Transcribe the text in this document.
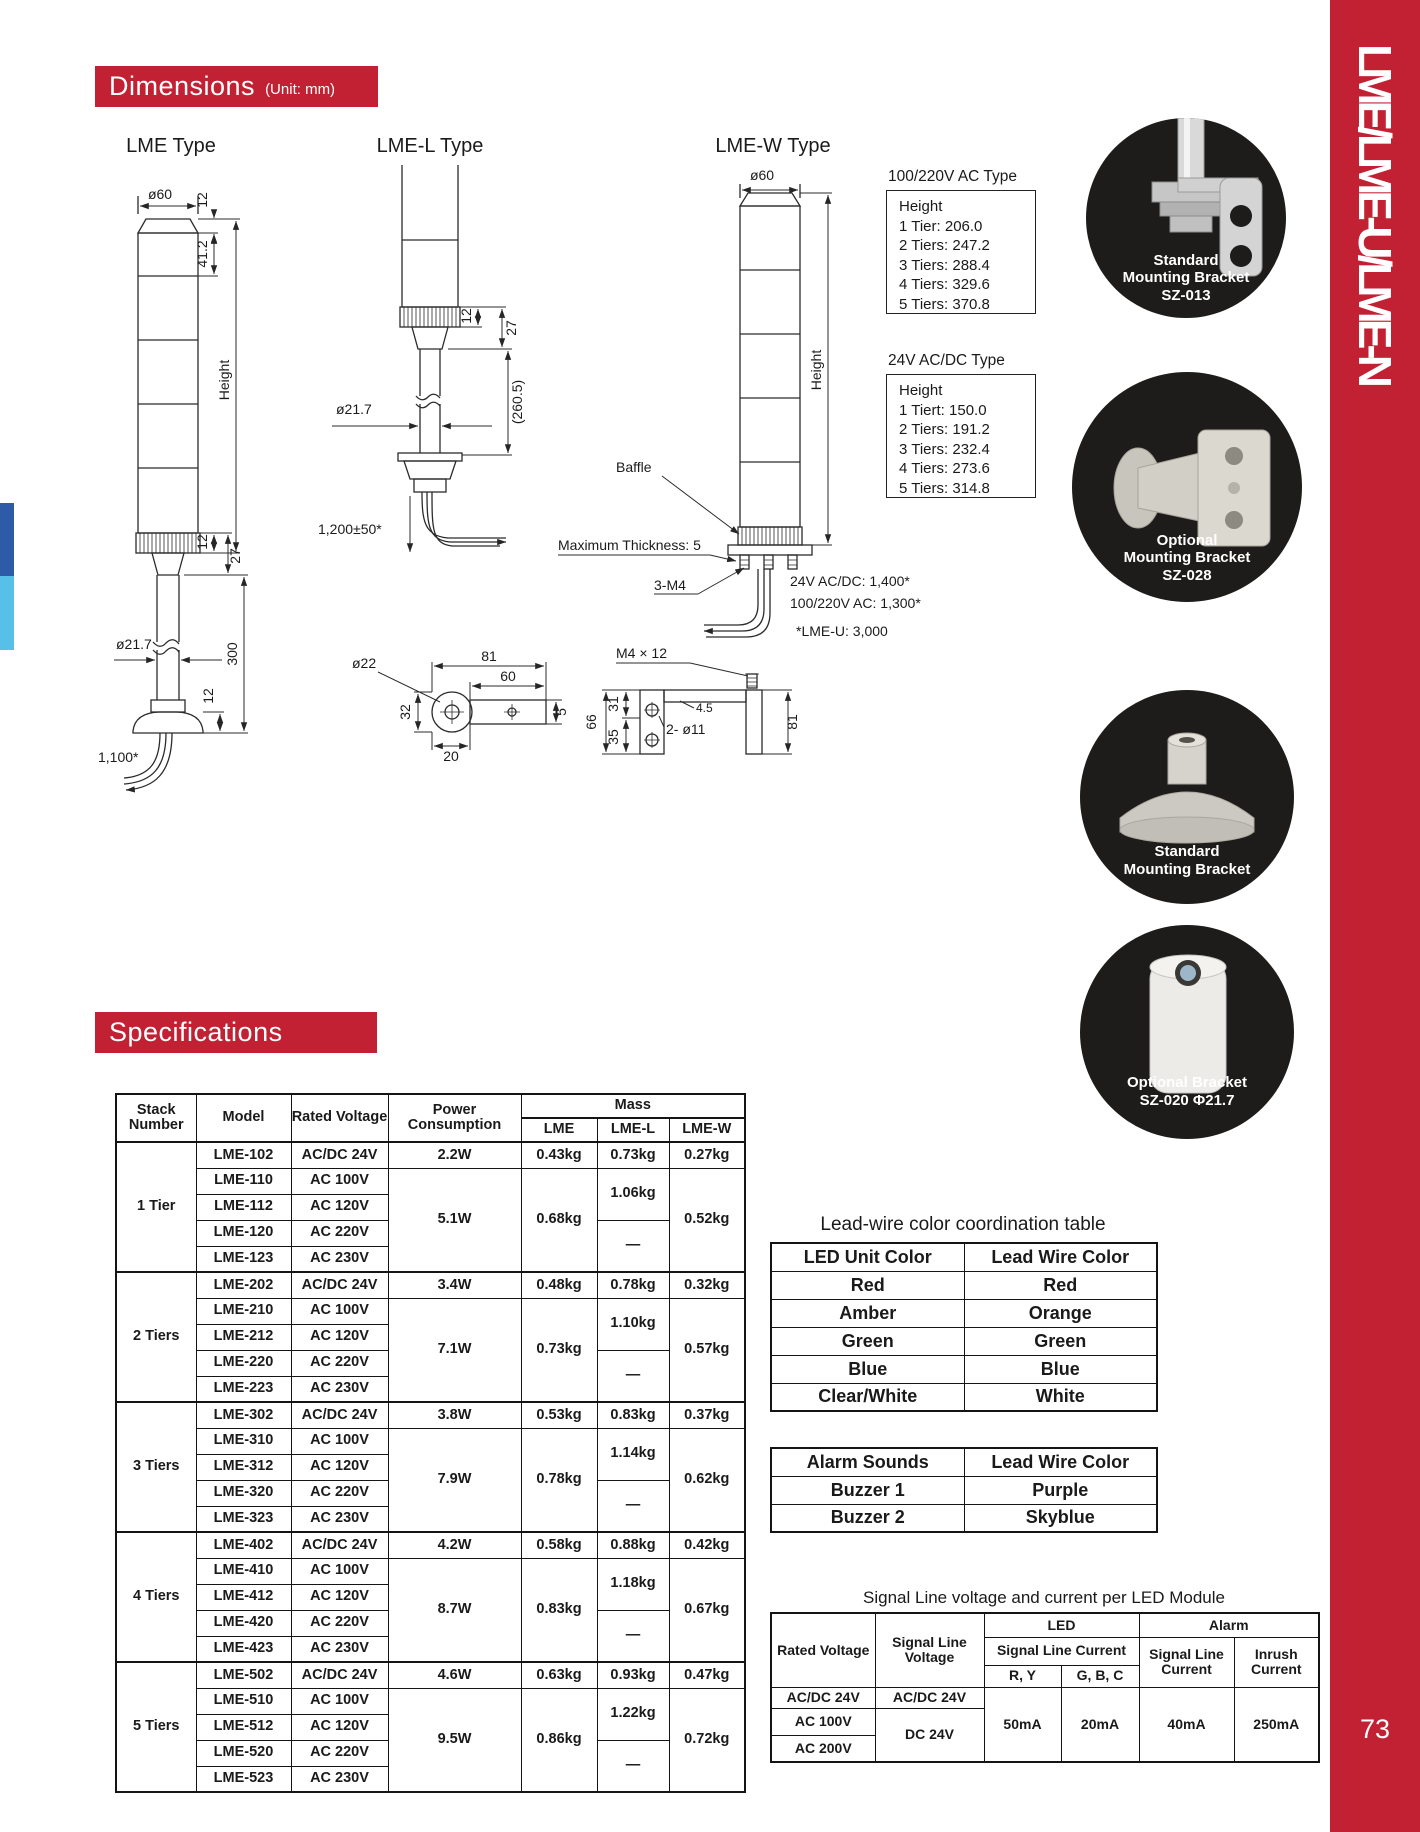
LME/LME-U/LME-N
73
Dimensions (Unit: mm)
LME Type
ø60 12
41.2
Height
12
27
ø21.7	300
12
1,100*
LME-L Type
12
27
ø21.7	(260.5)
1,200±50*
ø22	81
60
32
20
5
LME-W Type
ø60
Height
Baffle
Maximum Thickness: 5
3-M4	24V AC/DC: 1,400*
100/220V AC: 1,300*
*LME-U: 3,000
M4 × 12
66
31
35
4.5
2- ø11	81
100/220V AC Type
Height
1 Tier: 206.0
2 Tiers: 247.2
3 Tiers: 288.4
4 Tiers: 329.6
5 Tiers: 370.8
24V AC/DC Type
Height
1 Tiert: 150.0
2 Tiers: 191.2
3 Tiers: 232.4
4 Tiers: 273.6
5 Tiers: 314.8
Standard
Mounting Bracket
SZ-013
Optional
Mounting Bracket
SZ-028
Standard
Mounting Bracket
Optional Bracket
SZ-020 Φ21.7
Specifications
Stack Number	Model	Rated Voltage	Power Consumption	Mass		
				LME	LME-L	LME-W
1 Tier	LME-102	AC/DC 24V	2.2W	0.43kg	0.73kg	0.27kg
	LME-110	AC 100V	5.1W	0.68kg	1.06kg	0.52kg
	LME-112	AC 120V				
	LME-120	AC 220V			—	
	LME-123	AC 230V				
2 Tiers	LME-202	AC/DC 24V	3.4W	0.48kg	0.78kg	0.32kg
	LME-210	AC 100V	7.1W	0.73kg	1.10kg	0.57kg
	LME-212	AC 120V				
	LME-220	AC 220V			—	
	LME-223	AC 230V				
3 Tiers	LME-302	AC/DC 24V	3.8W	0.53kg	0.83kg	0.37kg
	LME-310	AC 100V	7.9W	0.78kg	1.14kg	0.62kg
	LME-312	AC 120V				
	LME-320	AC 220V			—	
	LME-323	AC 230V				
4 Tiers	LME-402	AC/DC 24V	4.2W	0.58kg	0.88kg	0.42kg
	LME-410	AC 100V	8.7W	0.83kg	1.18kg	0.67kg
	LME-412	AC 120V				
	LME-420	AC 220V			—	
	LME-423	AC 230V				
5 Tiers	LME-502	AC/DC 24V	4.6W	0.63kg	0.93kg	0.47kg
	LME-510	AC 100V	9.5W	0.86kg	1.22kg	0.72kg
	LME-512	AC 120V				
	LME-520	AC 220V			—	
	LME-523	AC 230V				
Lead-wire color coordination table
LED Unit Color	Lead Wire Color
Red	Red
Amber	Orange
Green	Green
Blue	Blue
Clear/White	White
Alarm Sounds	Lead Wire Color
Buzzer 1	Purple
Buzzer 2	Skyblue
Signal Line voltage and current per LED Module
Rated Voltage	Signal Line Voltage	LED		Alarm	
		Signal Line Current		Signal Line Current	Inrush Current
		R, Y	G, B, C		
AC/DC 24V	AC/DC 24V	50mA	20mA	40mA	250mA
AC 100V	DC 24V				
AC 200V					
